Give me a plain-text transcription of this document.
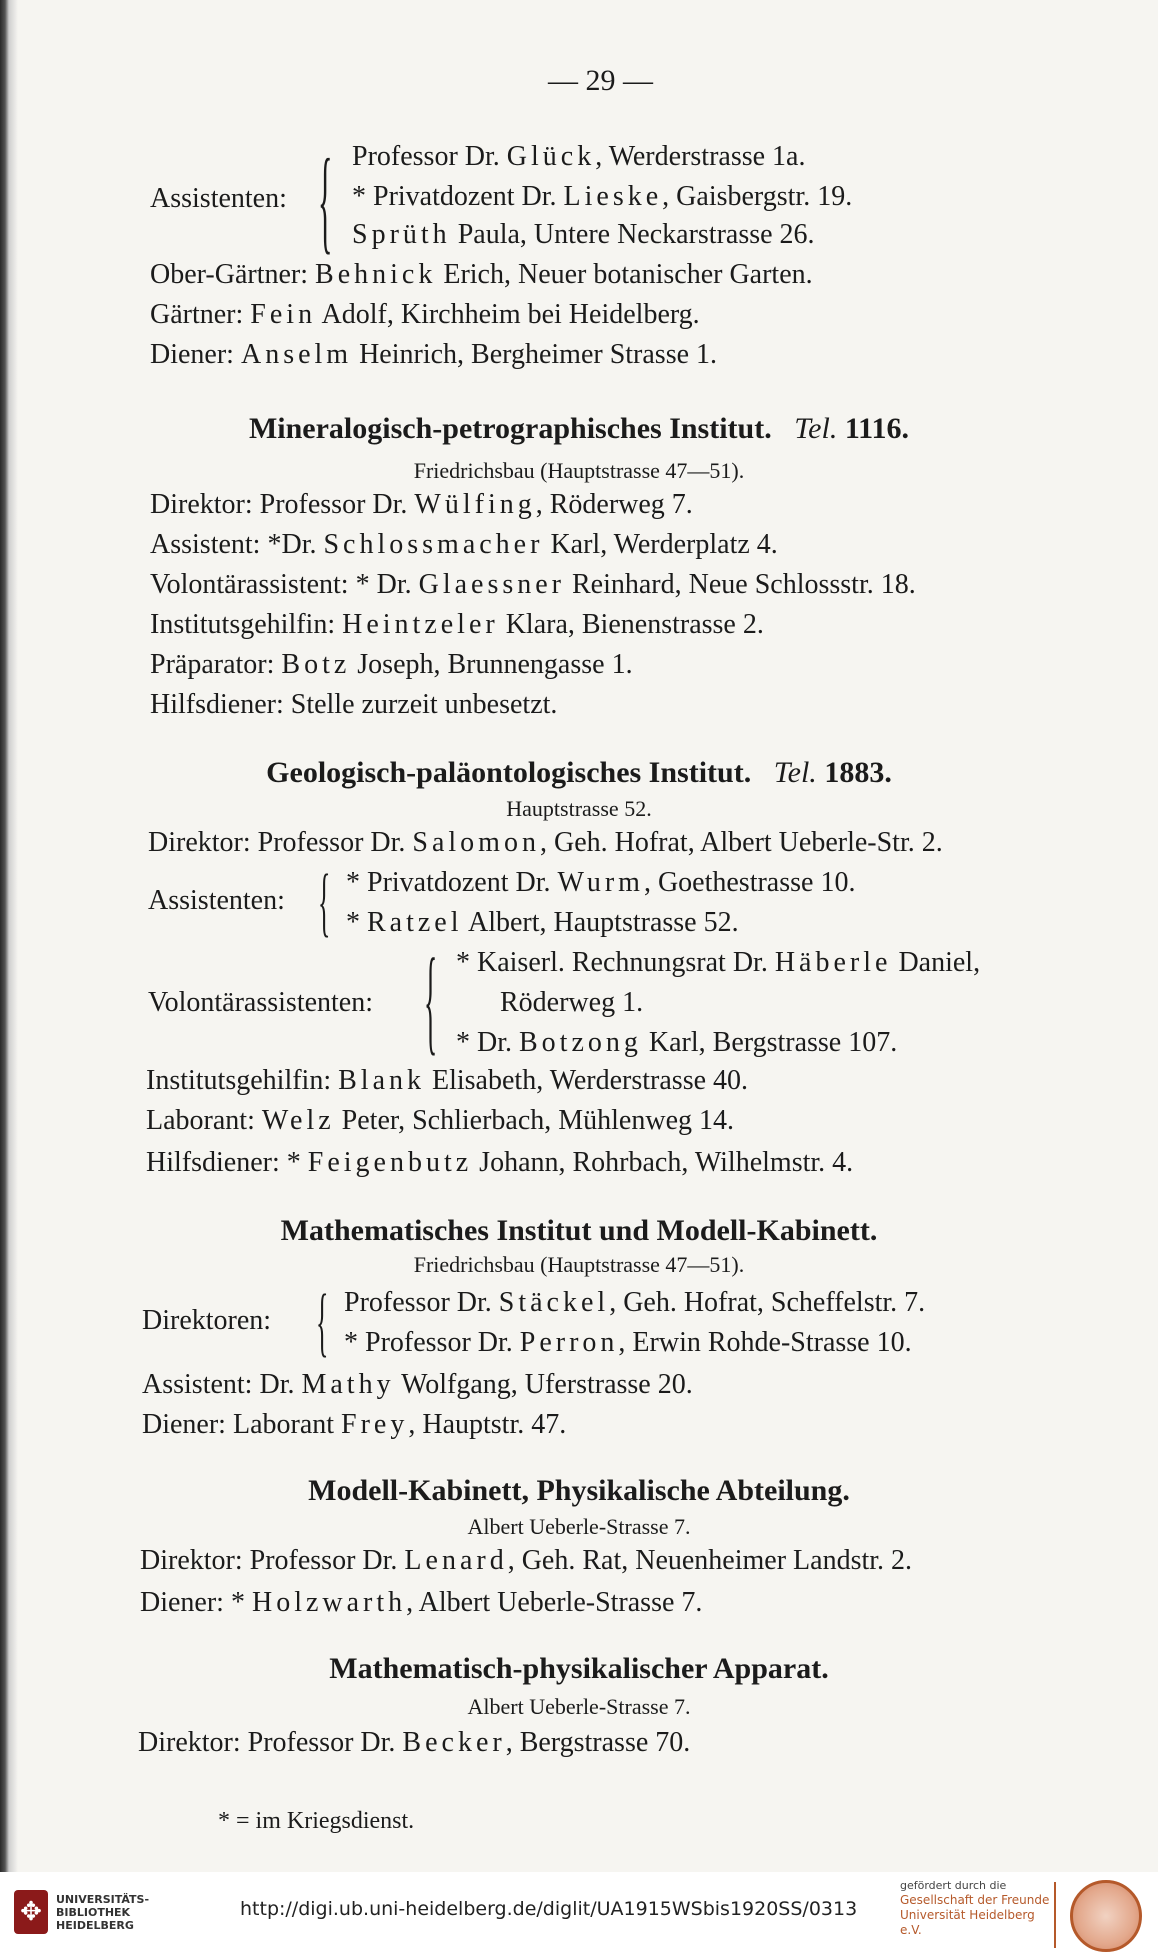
— 29 —
Assistenten: { Professor Dr. Glück, Werderstrasse 1a.
* Privatdozent Dr. Lieske, Gaisbergstr. 19.
Sprüth Paula, Untere Neckarstrasse 26.
Ober-Gärtner: Behnick Erich, Neuer botanischer Garten.
Gärtner: Fein Adolf, Kirchheim bei Heidelberg.
Diener: Anselm Heinrich, Bergheimer Strasse 1.
Mineralogisch-petrographisches Institut. Tel. 1116.
Friedrichsbau (Hauptstrasse 47—51).
Direktor: Professor Dr. Wülfing, Röderweg 7.
Assistent: *Dr. Schlossmacher Karl, Werderplatz 4.
Volontärassistent: * Dr. Glaessner Reinhard, Neue Schlossstr. 18.
Institutsgehilfin: Heintzeler Klara, Bienenstrasse 2.
Präparator: Botz Joseph, Brunnengasse 1.
Hilfsdiener: Stelle zurzeit unbesetzt.
Geologisch-paläontologisches Institut. Tel. 1883.
Hauptstrasse 52.
Direktor: Professor Dr. Salomon, Geh. Hofrat, Albert Ueberle-Str. 2.
Assistenten: { * Privatdozent Dr. Wurm, Goethestrasse 10.
* Ratzel Albert, Hauptstrasse 52.
Volontärassistenten: { * Kaiserl. Rechnungsrat Dr. Häberle Daniel,
Röderweg 1.
* Dr. Botzong Karl, Bergstrasse 107.
Institutsgehilfin: Blank Elisabeth, Werderstrasse 40.
Laborant: Welz Peter, Schlierbach, Mühlenweg 14.
Hilfsdiener: * Feigenbutz Johann, Rohrbach, Wilhelmstr. 4.
Mathematisches Institut und Modell-Kabinett.
Friedrichsbau (Hauptstrasse 47—51).
Direktoren: { Professor Dr. Stäckel, Geh. Hofrat, Scheffelstr. 7.
* Professor Dr. Perron, Erwin Rohde-Strasse 10.
Assistent: Dr. Mathy Wolfgang, Uferstrasse 20.
Diener: Laborant Frey, Hauptstr. 47.
Modell-Kabinett, Physikalische Abteilung.
Albert Ueberle-Strasse 7.
Direktor: Professor Dr. Lenard, Geh. Rat, Neuenheimer Landstr. 2.
Diener: * Holzwarth, Albert Ueberle-Strasse 7.
Mathematisch-physikalischer Apparat.
Albert Ueberle-Strasse 7.
Direktor: Professor Dr. Becker, Bergstrasse 70.
* = im Kriegsdienst.
✥	UNIVERSITÄTS-
BIBLIOTHEK
HEIDELBERG
http://digi.ub.uni-heidelberg.de/diglit/UA1915WSbis1920SS/0313
gefördert durch die
Gesellschaft der Freunde
Universität Heidelberg e.V.
